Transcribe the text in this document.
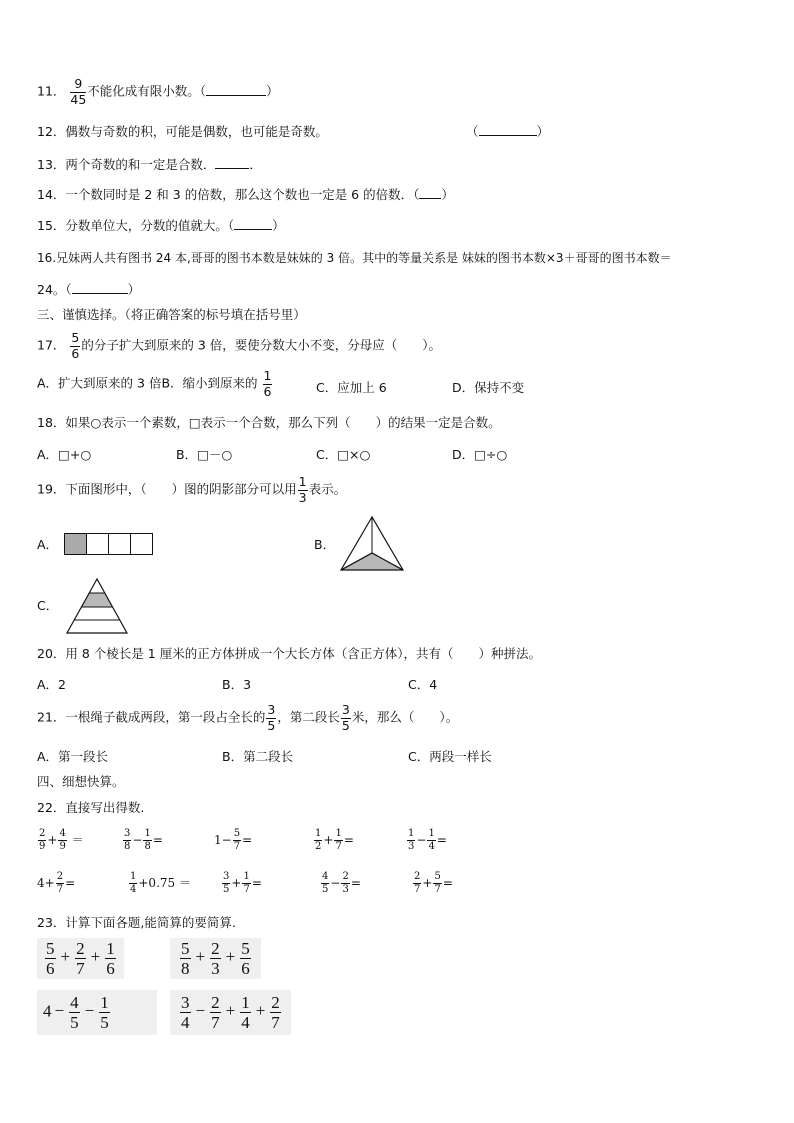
11． $\frac{9}{45}$ 不能化成有限小数。（	）
12．偶数与奇数的积，可能是偶数，也可能是奇数。	（	）
13．两个奇数的和一定是合数．	．
14．一个数同时是 2 和 3 的倍数，那么这个数也一定是 6 的倍数．（ ）
15．分数单位大，分数的值就大。（	）
16.兄妹两人共有图书 24 本,哥哥的图书本数是妹妹的 3 倍。其中的等量关系是 妹妹的图书本数×3＋哥哥的图书本数＝
24。（	）
三、谨慎选择。（将正确答案的标号填在括号里）
17． $\frac{5}{6}$ 的分子扩大到原来的 3 倍，要使分数大小不变，分母应（　　）。
A．扩大到原来的 3 倍B．缩小到原来的 $\frac{1}{6}$	C．应加上 6	D．保持不变
18．如果○表示一个素数，□表示一个合数，那么下列（　　）的结果一定是合数。
A．□+○	B．□－○	C．□×○	D．□÷○
19．下面图形中，（　　）图的阴影部分可以用 $\frac{1}{3}$ 表示。
A．	B．
C．
20．用 8 个棱长是 1 厘米的正方体拼成一个大长方体（含正方体），共有（　　）种拼法。
A．2	B．3	C．4
21．一根绳子截成两段，第一段占全长的 $\frac{3}{5}$ ，第二段长 $\frac{3}{5}$ 米，那么（　　）。
A．第一段长	B．第二段长	C．两段一样长
四、细想快算。
22．直接写出得数.
$\frac{2}{9} + \frac{4}{9}$ ＝	$\frac{3}{8} - \frac{1}{8}$ =	$1- \frac{5}{7}$ =	$\frac{1}{2} + \frac{1}{7}$ =	$\frac{1}{3} - \frac{1}{4}$ =
$4+ \frac{2}{7}$ =	$\frac{1}{4} +0.75$ ＝	$\frac{3}{5} + \frac{1}{7}$ =	$\frac{4}{5} - \frac{2}{3}$ =	$\frac{2}{7} + \frac{5}{7}$ =
23．计算下面各题,能简算的要简算.
$\frac{5}{6} + \frac{2}{7} + \frac{1}{6}$	$\frac{5}{8} + \frac{2}{3} + \frac{5}{6}$
$4 - \frac{4}{5} - \frac{1}{5}$	$\frac{3}{4} - \frac{2}{7} + \frac{1}{4} + \frac{2}{7}$
